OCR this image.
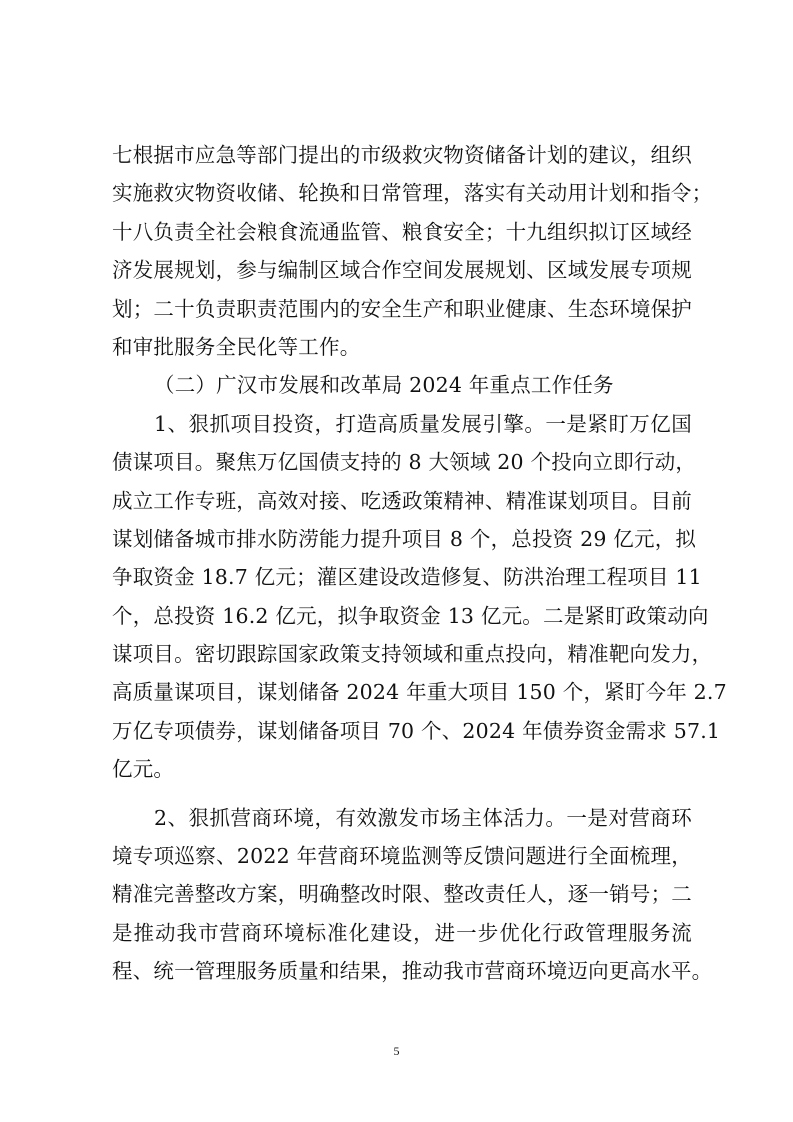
七根据市应急等部门提出的市级救灾物资储备计划的建议，组织
实施救灾物资收储、轮换和日常管理，落实有关动用计划和指令；
十八负责全社会粮食流通监管、粮食安全；十九组织拟订区域经
济发展规划，参与编制区域合作空间发展规划、区域发展专项规
划；二十负责职责范围内的安全生产和职业健康、生态环境保护
和审批服务全民化等工作。
（二）广汉市发展和改革局 2024 年重点工作任务
1、狠抓项目投资，打造高质量发展引擎。一是紧盯万亿国
债谋项目。聚焦万亿国债支持的 8 大领域 20 个投向立即行动，
成立工作专班，高效对接、吃透政策精神、精准谋划项目。目前
谋划储备城市排水防涝能力提升项目 8 个，总投资 29 亿元，拟
争取资金 18.7 亿元；灌区建设改造修复、防洪治理工程项目 11
个，总投资 16.2 亿元，拟争取资金 13 亿元。二是紧盯政策动向
谋项目。密切跟踪国家政策支持领域和重点投向，精准靶向发力，
高质量谋项目，谋划储备 2024 年重大项目 150 个，紧盯今年 2.7
万亿专项债券，谋划储备项目 70 个、2024 年债券资金需求 57.1
亿元。
2、狠抓营商环境，有效激发市场主体活力。一是对营商环
境专项巡察、2022 年营商环境监测等反馈问题进行全面梳理，
精准完善整改方案，明确整改时限、整改责任人，逐一销号；二
是推动我市营商环境标准化建设，进一步优化行政管理服务流
程、统一管理服务质量和结果，推动我市营商环境迈向更高水平。
5
